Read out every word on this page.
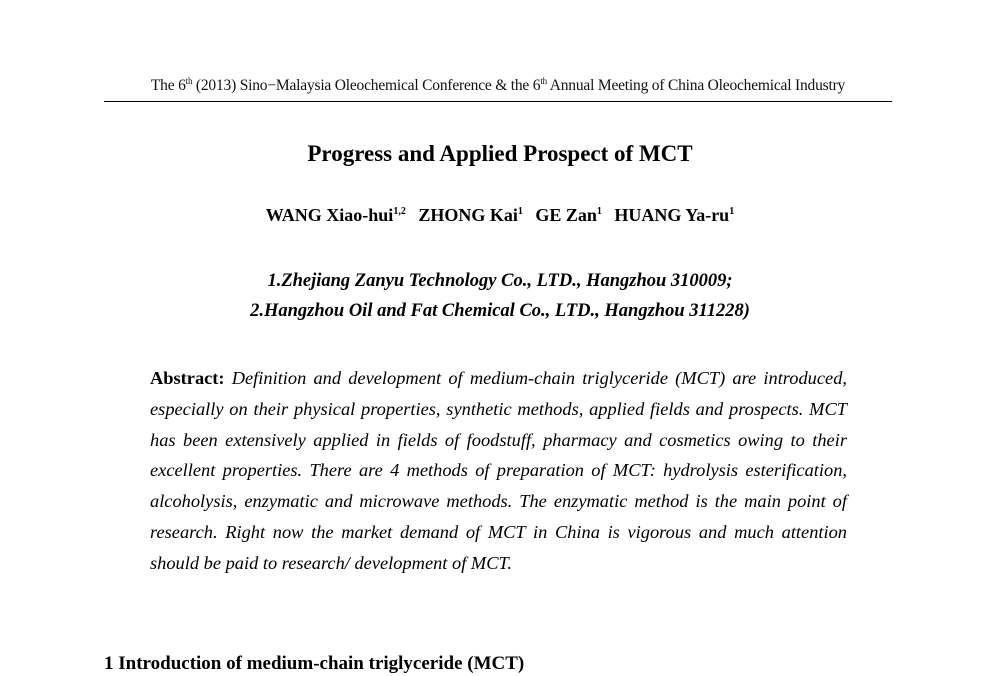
The 6th (2013) Sino−Malaysia Oleochemical Conference & the 6th Annual Meeting of China Oleochemical Industry
Progress and Applied Prospect of MCT
WANG Xiao-hui$^{1,2}$ ZHONG Kai$^1$ GE Zan$^1$ HUANG $Ya-ru^1$
1.Zhejiang Zanyu Technology Co., LTD., Hangzhou 310009;
2.Hangzhou Oil and Fat Chemical Co., LTD., Hangzhou 311228)
Abstract: Definition and development of medium-chain triglyceride (MCT) are introduced, especially on their physical properties, synthetic methods, applied fields and prospects. MCT has been extensively applied in fields of foodstuff, pharmacy and cosmetics owing to their excellent properties. There are 4 methods of preparation of MCT: hydrolysis esterification, alcoholysis, enzymatic and microwave methods. The enzymatic method is the main point of research. Right now the market demand of MCT in China is vigorous and much attention should be paid to research/ development of MCT.
1 Introduction of medium-chain triglyceride (MCT)
